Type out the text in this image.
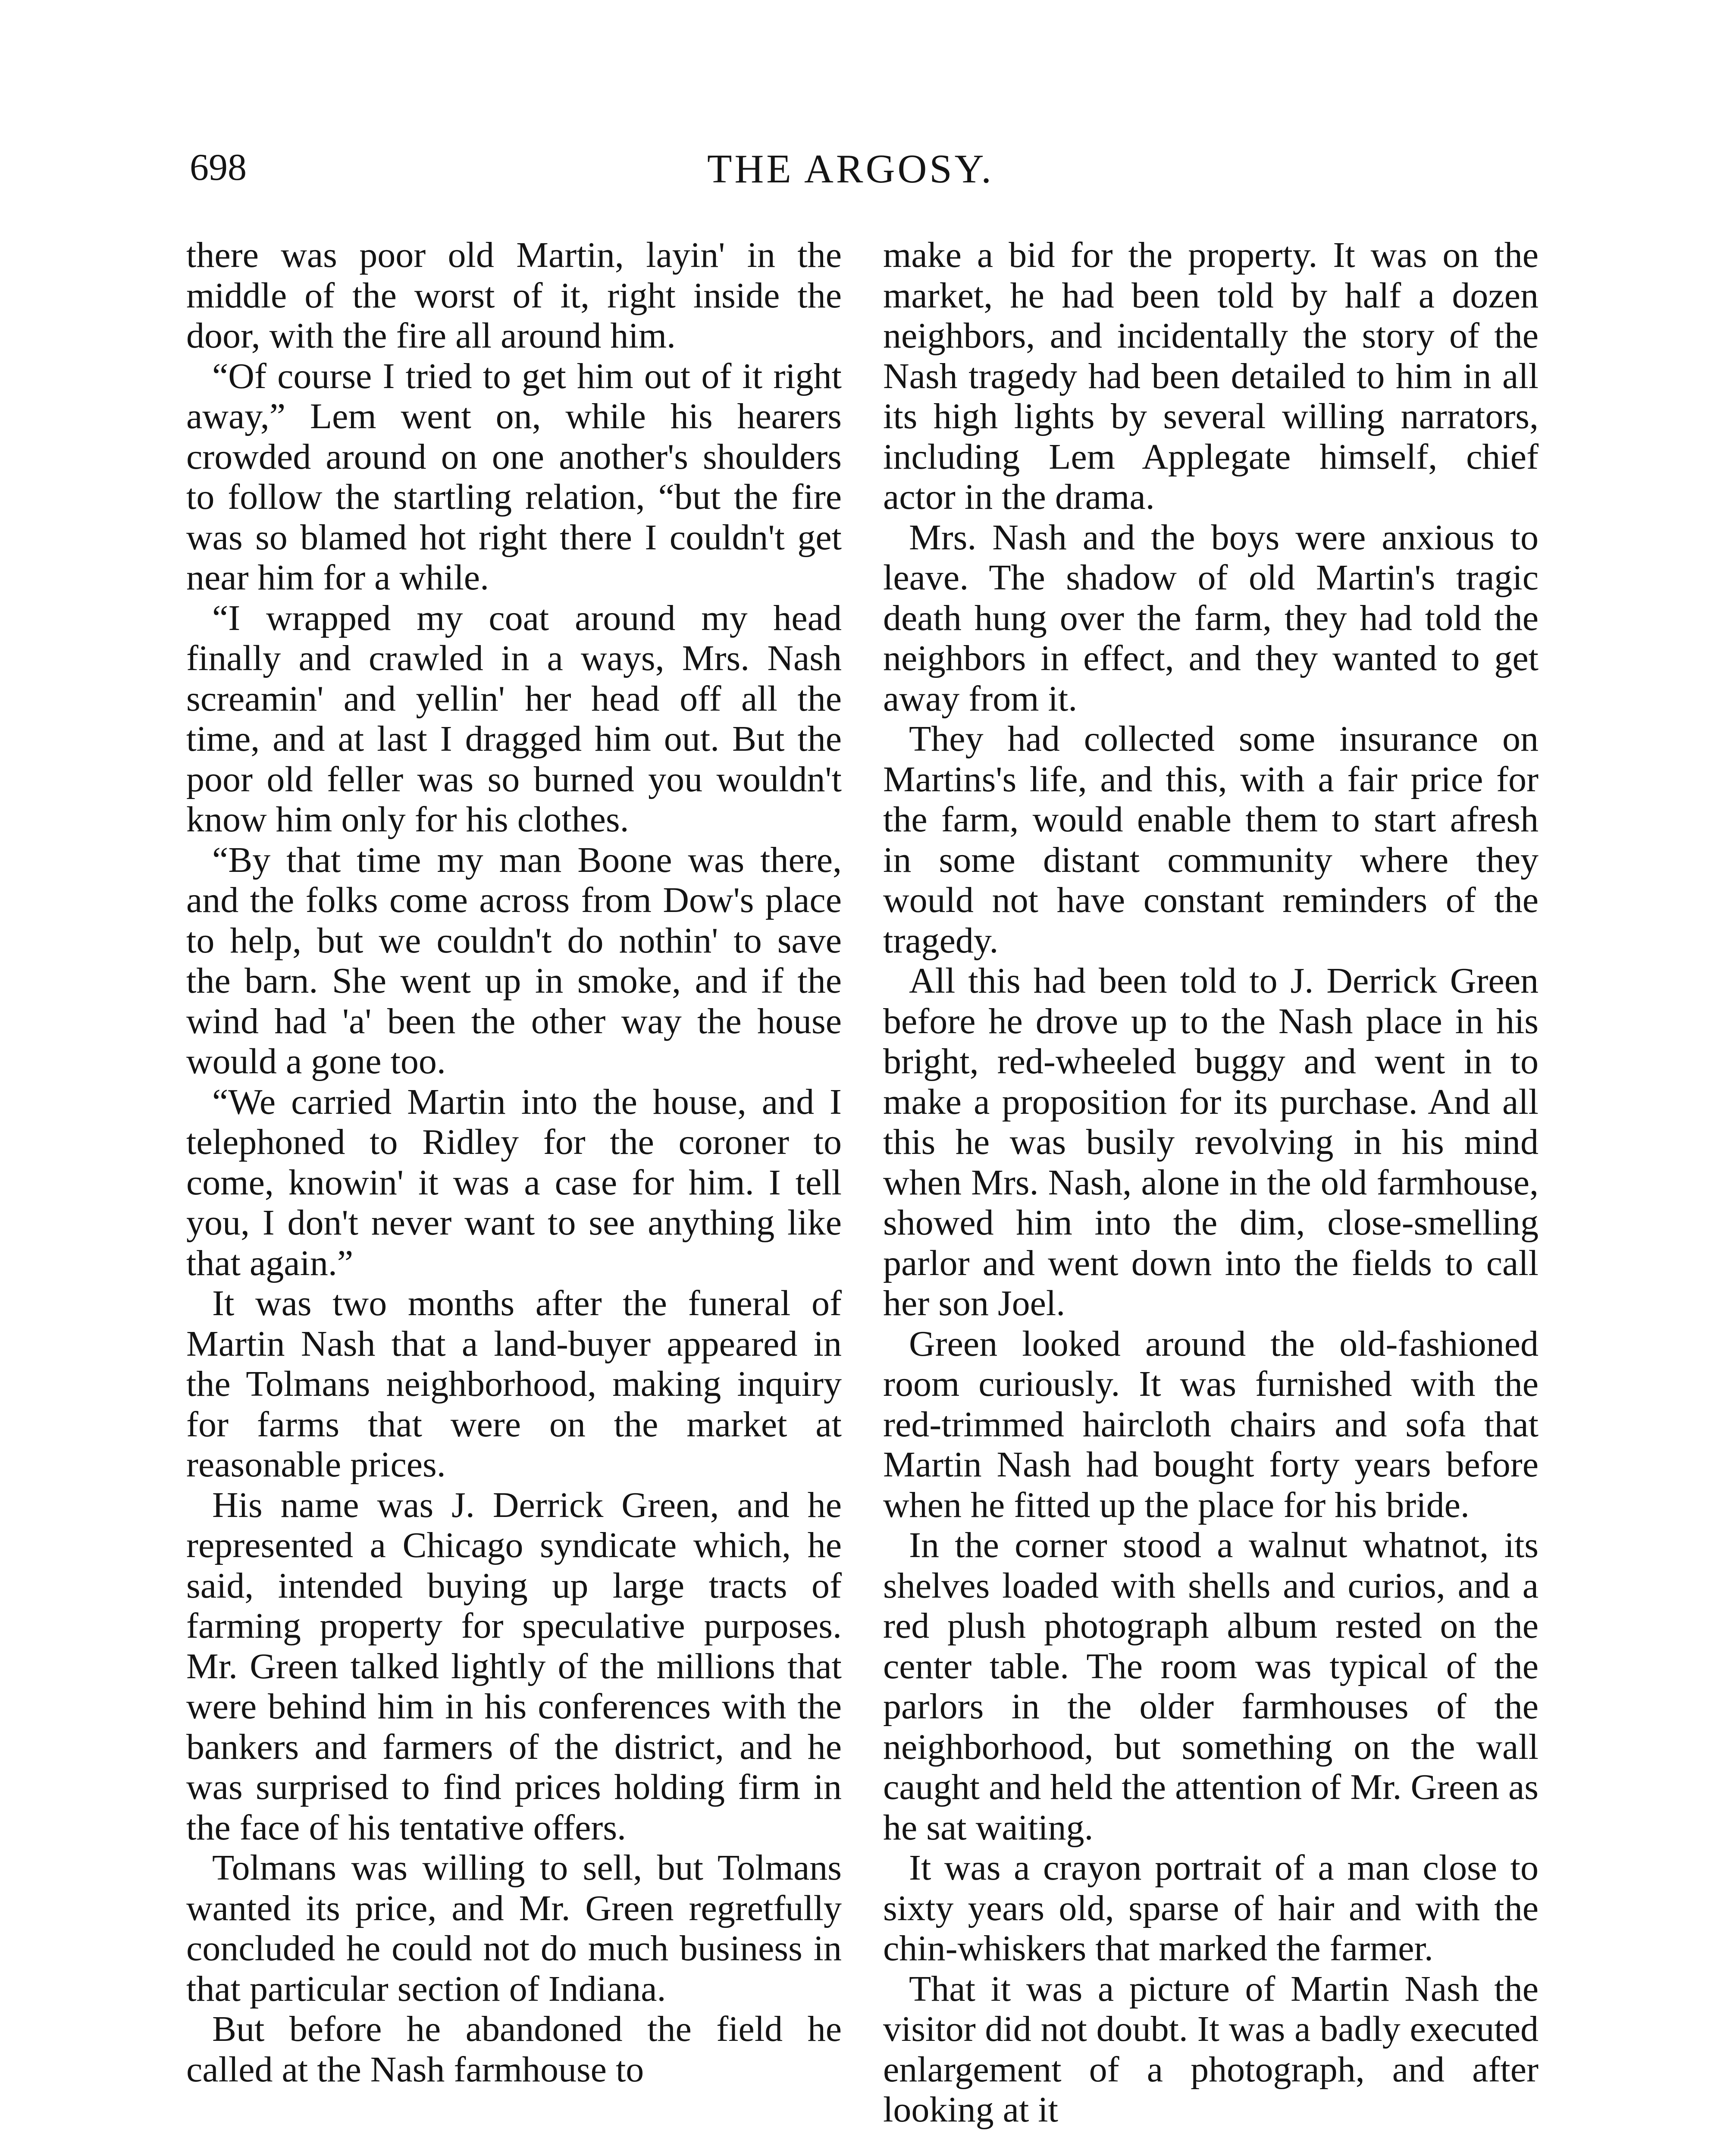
698	THE ARGOSY.

there was poor old Martin, layin' in the middle of the worst of it, right inside the door, with the fire all around him.

“Of course I tried to get him out of it right away,” Lem went on, while his hearers crowded around on one another's shoulders to follow the startling relation, “but the fire was so blamed hot right there I couldn't get near him for a while.

“I wrapped my coat around my head finally and crawled in a ways, Mrs. Nash screamin' and yellin' her head off all the time, and at last I dragged him out. But the poor old feller was so burned you wouldn't know him only for his clothes.

“By that time my man Boone was there, and the folks come across from Dow's place to help, but we couldn't do nothin' to save the barn. She went up in smoke, and if the wind had 'a' been the other way the house would a gone too.

“We carried Martin into the house, and I telephoned to Ridley for the coroner to come, knowin' it was a case for him. I tell you, I don't never want to see anything like that again.”

It was two months after the funeral of Martin Nash that a land-buyer appeared in the Tolmans neighborhood, making inquiry for farms that were on the market at reasonable prices.

His name was J. Derrick Green, and he represented a Chicago syndicate which, he said, intended buying up large tracts of farming property for speculative purposes. Mr. Green talked lightly of the millions that were behind him in his conferences with the bankers and farmers of the district, and he was surprised to find prices holding firm in the face of his tentative offers.

Tolmans was willing to sell, but Tolmans wanted its price, and Mr. Green regretfully concluded he could not do much business in that particular section of Indiana.

But before he abandoned the field he called at the Nash farmhouse to

make a bid for the property. It was on the market, he had been told by half a dozen neighbors, and incidentally the story of the Nash tragedy had been detailed to him in all its high lights by several willing narrators, including Lem Applegate himself, chief actor in the drama.

Mrs. Nash and the boys were anxious to leave. The shadow of old Martin's tragic death hung over the farm, they had told the neighbors in effect, and they wanted to get away from it.

They had collected some insurance on Martins's life, and this, with a fair price for the farm, would enable them to start afresh in some distant community where they would not have constant reminders of the tragedy.

All this had been told to J. Derrick Green before he drove up to the Nash place in his bright, red-wheeled buggy and went in to make a proposition for its purchase. And all this he was busily revolving in his mind when Mrs. Nash, alone in the old farmhouse, showed him into the dim, close-smelling parlor and went down into the fields to call her son Joel.

Green looked around the old-fashioned room curiously. It was furnished with the red-trimmed haircloth chairs and sofa that Martin Nash had bought forty years before when he fitted up the place for his bride.

In the corner stood a walnut whatnot, its shelves loaded with shells and curios, and a red plush photograph album rested on the center table. The room was typical of the parlors in the older farmhouses of the neighborhood, but something on the wall caught and held the attention of Mr. Green as he sat waiting.

It was a crayon portrait of a man close to sixty years old, sparse of hair and with the chin-whiskers that marked the farmer.

That it was a picture of Martin Nash the visitor did not doubt. It was a badly executed enlargement of a photograph, and after looking at it
